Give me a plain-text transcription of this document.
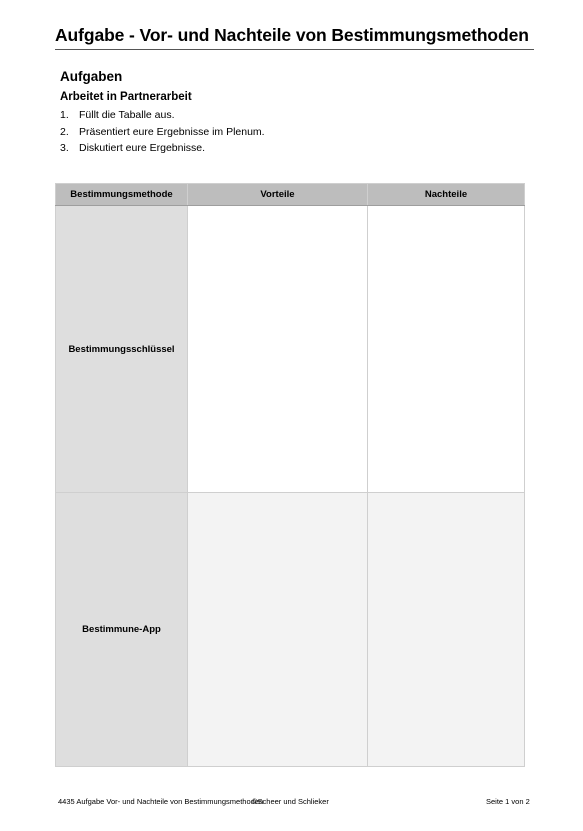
Aufgabe - Vor- und Nachteile von Bestimmungsmethoden
Aufgaben
Arbeitet in Partnerarbeit
1. Füllt die Taballe aus.
2. Präsentiert eure Ergebnisse im Plenum.
3. Diskutiert eure Ergebnisse.
Bestimmungsmethode	Vorteile	Nachteile
Bestimmungsschlüssel		
Bestimmune-App		
4435 Aufgabe Vor- und Nachteile von Bestimmungsmethoden
©Scheer und Schlieker	Seite 1 von 2
